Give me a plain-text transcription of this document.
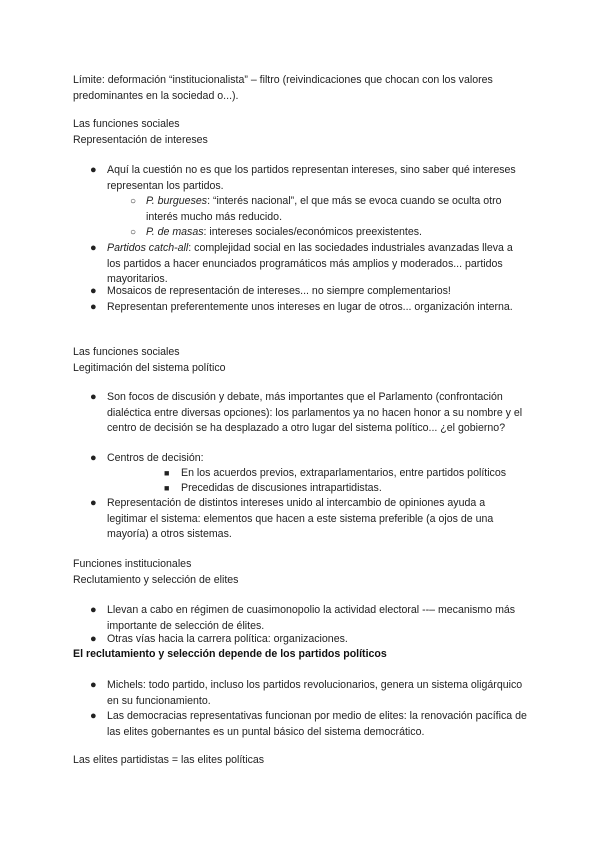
Límite: deformación “institucionalista” – filtro (reivindicaciones que chocan con los valores predominantes en la sociedad o...).

Las funciones sociales

Representación de intereses

● Aquí la cuestión no es que los partidos representan intereses, sino saber qué intereses representan los partidos.

○ P. burgueses: “interés nacional”, el que más se evoca cuando se oculta otro interés mucho más reducido.

○ P. de masas: intereses sociales/económicos preexistentes.

● Partidos catch-all: complejidad social en las sociedades industriales avanzadas lleva a los partidos a hacer enunciados programáticos más amplios y moderados... partidos mayoritarios.

● Mosaicos de representación de intereses... no siempre complementarios!

● Representan preferentemente unos intereses en lugar de otros... organización interna.

Las funciones sociales

Legitimación del sistema político

● Son focos de discusión y debate, más importantes que el Parlamento (confrontación dialéctica entre diversas opciones): los parlamentos ya no hacen honor a su nombre y el centro de decisión se ha desplazado a otro lugar del sistema político... ¿el gobierno?

● Centros de decisión:

■ En los acuerdos previos, extraparlamentarios, entre partidos políticos

■ Precedidas de discusiones intrapartidistas.

● Representación de distintos intereses unido al intercambio de opiniones ayuda a legitimar el sistema: elementos que hacen a este sistema preferible (a ojos de una mayoría) a otros sistemas.

Funciones institucionales

Reclutamiento y selección de elites

● Llevan a cabo en régimen de cuasimonopolio la actividad electoral --– mecanismo más importante de selección de élites.

● Otras vías hacia la carrera política: organizaciones.

El reclutamiento y selección depende de los partidos políticos

● Michels: todo partido, incluso los partidos revolucionarios, genera un sistema oligárquico en su funcionamiento.

● Las democracias representativas funcionan por medio de elites: la renovación pacífica de las elites gobernantes es un puntal básico del sistema democrático.

Las elites partidistas = las elites políticas
